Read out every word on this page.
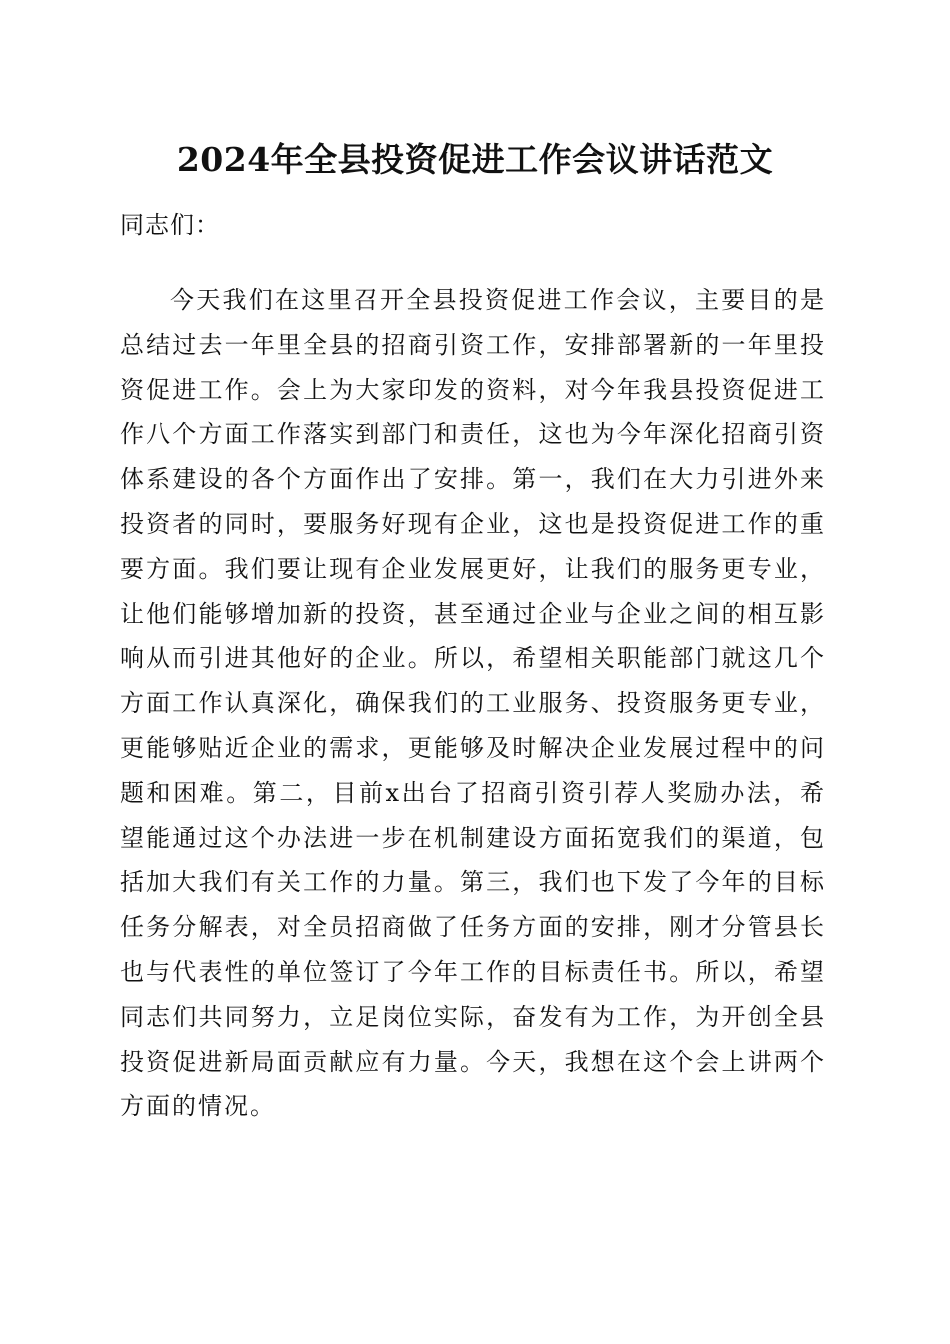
2024年全县投资促进工作会议讲话范文

同志们：

今天我们在这里召开全县投资促进工作会议，主要目的是总结过去一年里全县的招商引资工作，安排部署新的一年里投资促进工作。会上为大家印发的资料，对今年我县投资促进工作八个方面工作落实到部门和责任，这也为今年深化招商引资体系建设的各个方面作出了安排。第一，我们在大力引进外来投资者的同时，要服务好现有企业，这也是投资促进工作的重要方面。我们要让现有企业发展更好，让我们的服务更专业，让他们能够增加新的投资，甚至通过企业与企业之间的相互影响从而引进其他好的企业。所以，希望相关职能部门就这几个方面工作认真深化，确保我们的工业服务、投资服务更专业，更能够贴近企业的需求，更能够及时解决企业发展过程中的问题和困难。第二，目前x出台了招商引资引荐人奖励办法，希望能通过这个办法进一步在机制建设方面拓宽我们的渠道，包括加大我们有关工作的力量。第三，我们也下发了今年的目标任务分解表，对全员招商做了任务方面的安排，刚才分管县长也与代表性的单位签订了今年工作的目标责任书。所以，希望同志们共同努力，立足岗位实际，奋发有为工作，为开创全县投资促进新局面贡献应有力量。今天，我想在这个会上讲两个方面的情况。
